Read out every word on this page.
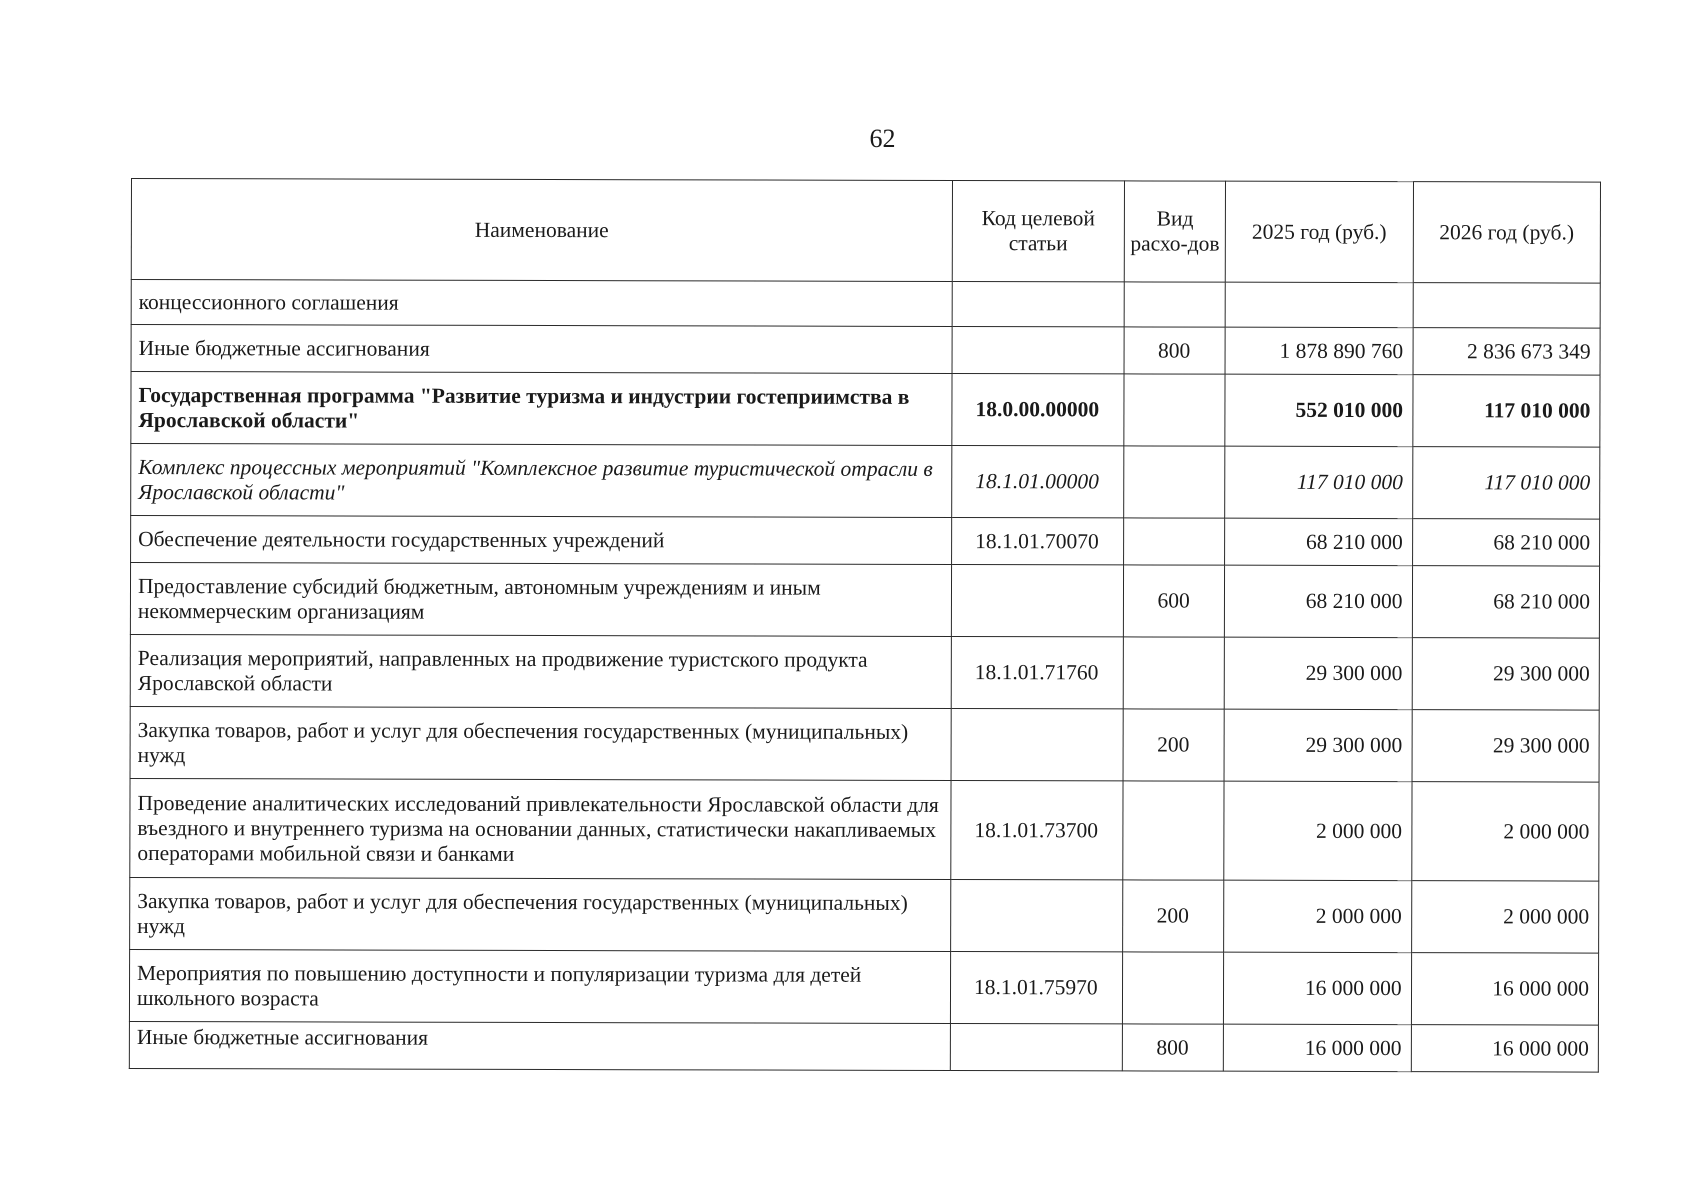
62
Наименование	Код целевой статьи	Вид расхо-дов	2025 год (руб.)	2026 год (руб.)
концессионного соглашения				
Иные бюджетные ассигнования		800	1 878 890 760	2 836 673 349
Государственная программа "Развитие туризма и индустрии гостеприимства в Ярославской области"	18.0.00.00000		552 010 000	117 010 000
Комплекс процессных мероприятий "Комплексное развитие туристической отрасли в Ярославской области"	18.1.01.00000		117 010 000	117 010 000
Обеспечение деятельности государственных учреждений	18.1.01.70070		68 210 000	68 210 000
Предоставление субсидий бюджетным, автономным учреждениям и иным некоммерческим организациям		600	68 210 000	68 210 000
Реализация мероприятий, направленных на продвижение туристского продукта Ярославской области	18.1.01.71760		29 300 000	29 300 000
Закупка товаров, работ и услуг для обеспечения государственных (муниципальных) нужд		200	29 300 000	29 300 000
Проведение аналитических исследований привлекательности Ярославской области для въездного и внутреннего туризма на основании данных, статистически накапливаемых операторами мобильной связи и банками	18.1.01.73700		2 000 000	2 000 000
Закупка товаров, работ и услуг для обеспечения государственных (муниципальных) нужд		200	2 000 000	2 000 000
Мероприятия по повышению доступности и популяризации туризма для детей школьного возраста	18.1.01.75970		16 000 000	16 000 000
Иные бюджетные ассигнования		800	16 000 000	16 000 000
